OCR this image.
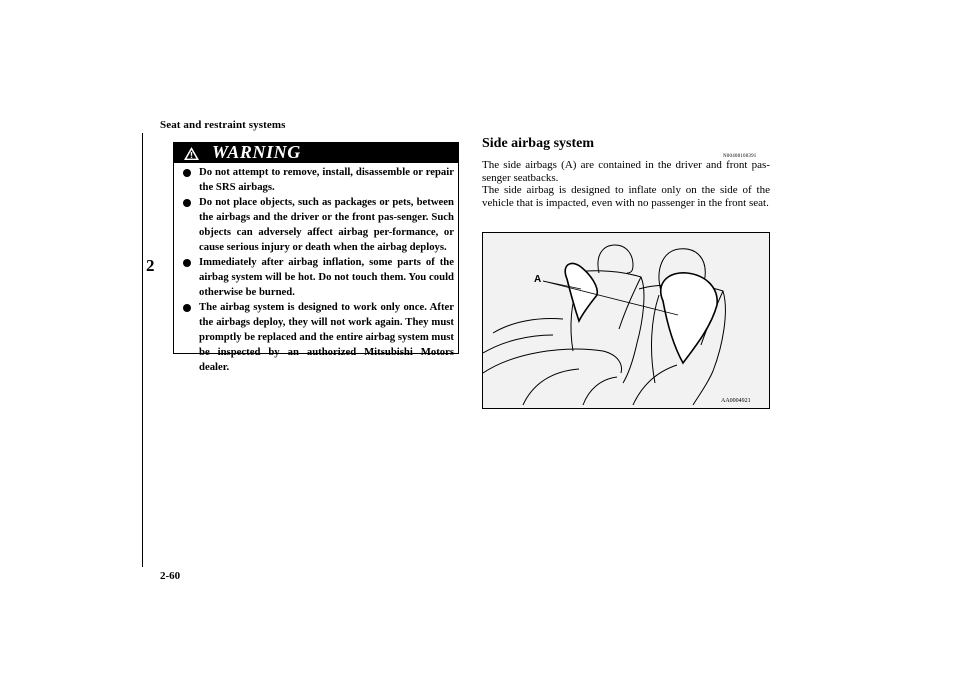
Seat and restraint systems
2
WARNING
Do not attempt to remove, install, disassemble or repair the SRS airbags.
Do not place objects, such as packages or pets, between the airbags and the driver or the front pas-senger. Such objects can adversely affect airbag per-formance, or cause serious injury or death when the airbag deploys.
Immediately after airbag inflation, some parts of the airbag system will be hot. Do not touch them. You could otherwise be burned.
The airbag system is designed to work only once. After the airbags deploy, they will not work again. They must promptly be replaced and the entire airbag system must be inspected by an authorized Mitsubishi Motors dealer.
Side airbag system
N00408100391
The side airbags (A) are contained in the driver and front pas-senger seatbacks.
The side airbag is designed to inflate only on the side of the vehicle that is impacted, even with no passenger in the front seat.
A
AA0004921
2-60
